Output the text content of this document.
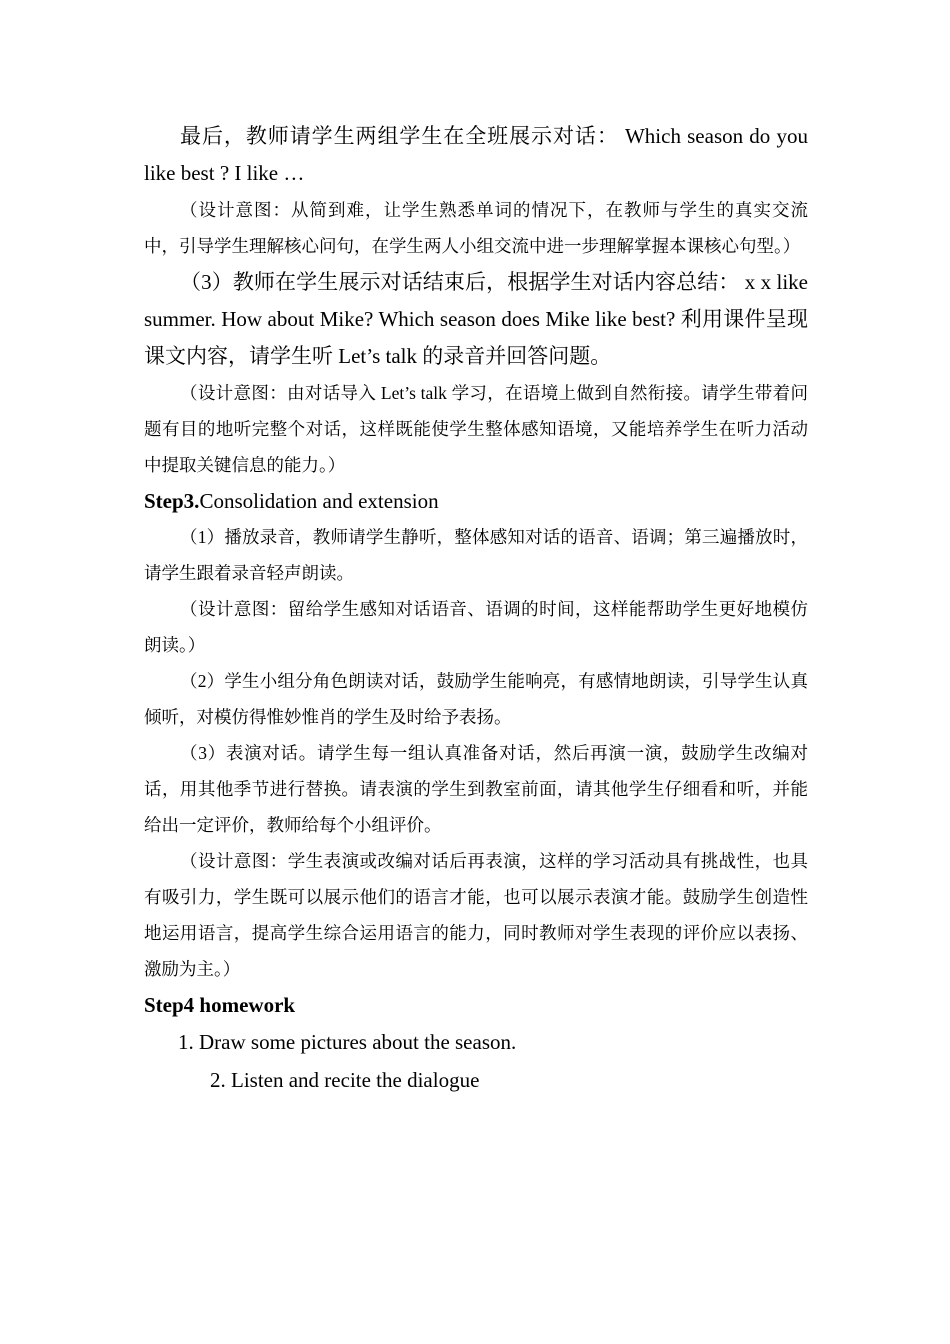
最后，教师请学生两组学生在全班展示对话： Which season do you like best ? I like …

（设计意图：从简到难，让学生熟悉单词的情况下，在教师与学生的真实交流中，引导学生理解核心问句，在学生两人小组交流中进一步理解掌握本课核心句型。）

（3）教师在学生展示对话结束后，根据学生对话内容总结： x x like summer. How about Mike? Which season does Mike like best? 利用课件呈现课文内容，请学生听 Let’s talk 的录音并回答问题。

（设计意图：由对话导入 Let’s talk 学习，在语境上做到自然衔接。请学生带着问题有目的地听完整个对话，这样既能使学生整体感知语境，又能培养学生在听力活动中提取关键信息的能力。）

Step3.Consolidation and extension

（1）播放录音，教师请学生静听，整体感知对话的语音、语调；第三遍播放时，请学生跟着录音轻声朗读。

（设计意图：留给学生感知对话语音、语调的时间，这样能帮助学生更好地模仿朗读。）

（2）学生小组分角色朗读对话，鼓励学生能响亮，有感情地朗读，引导学生认真倾听，对模仿得惟妙惟肖的学生及时给予表扬。

（3）表演对话。请学生每一组认真准备对话，然后再演一演，鼓励学生改编对话，用其他季节进行替换。请表演的学生到教室前面，请其他学生仔细看和听，并能给出一定评价，教师给每个小组评价。

（设计意图：学生表演或改编对话后再表演，这样的学习活动具有挑战性，也具有吸引力，学生既可以展示他们的语言才能，也可以展示表演才能。鼓励学生创造性地运用语言，提高学生综合运用语言的能力，同时教师对学生表现的评价应以表扬、激励为主。）

Step4 homework

1. Draw some pictures about the season.

2. Listen and recite the dialogue
